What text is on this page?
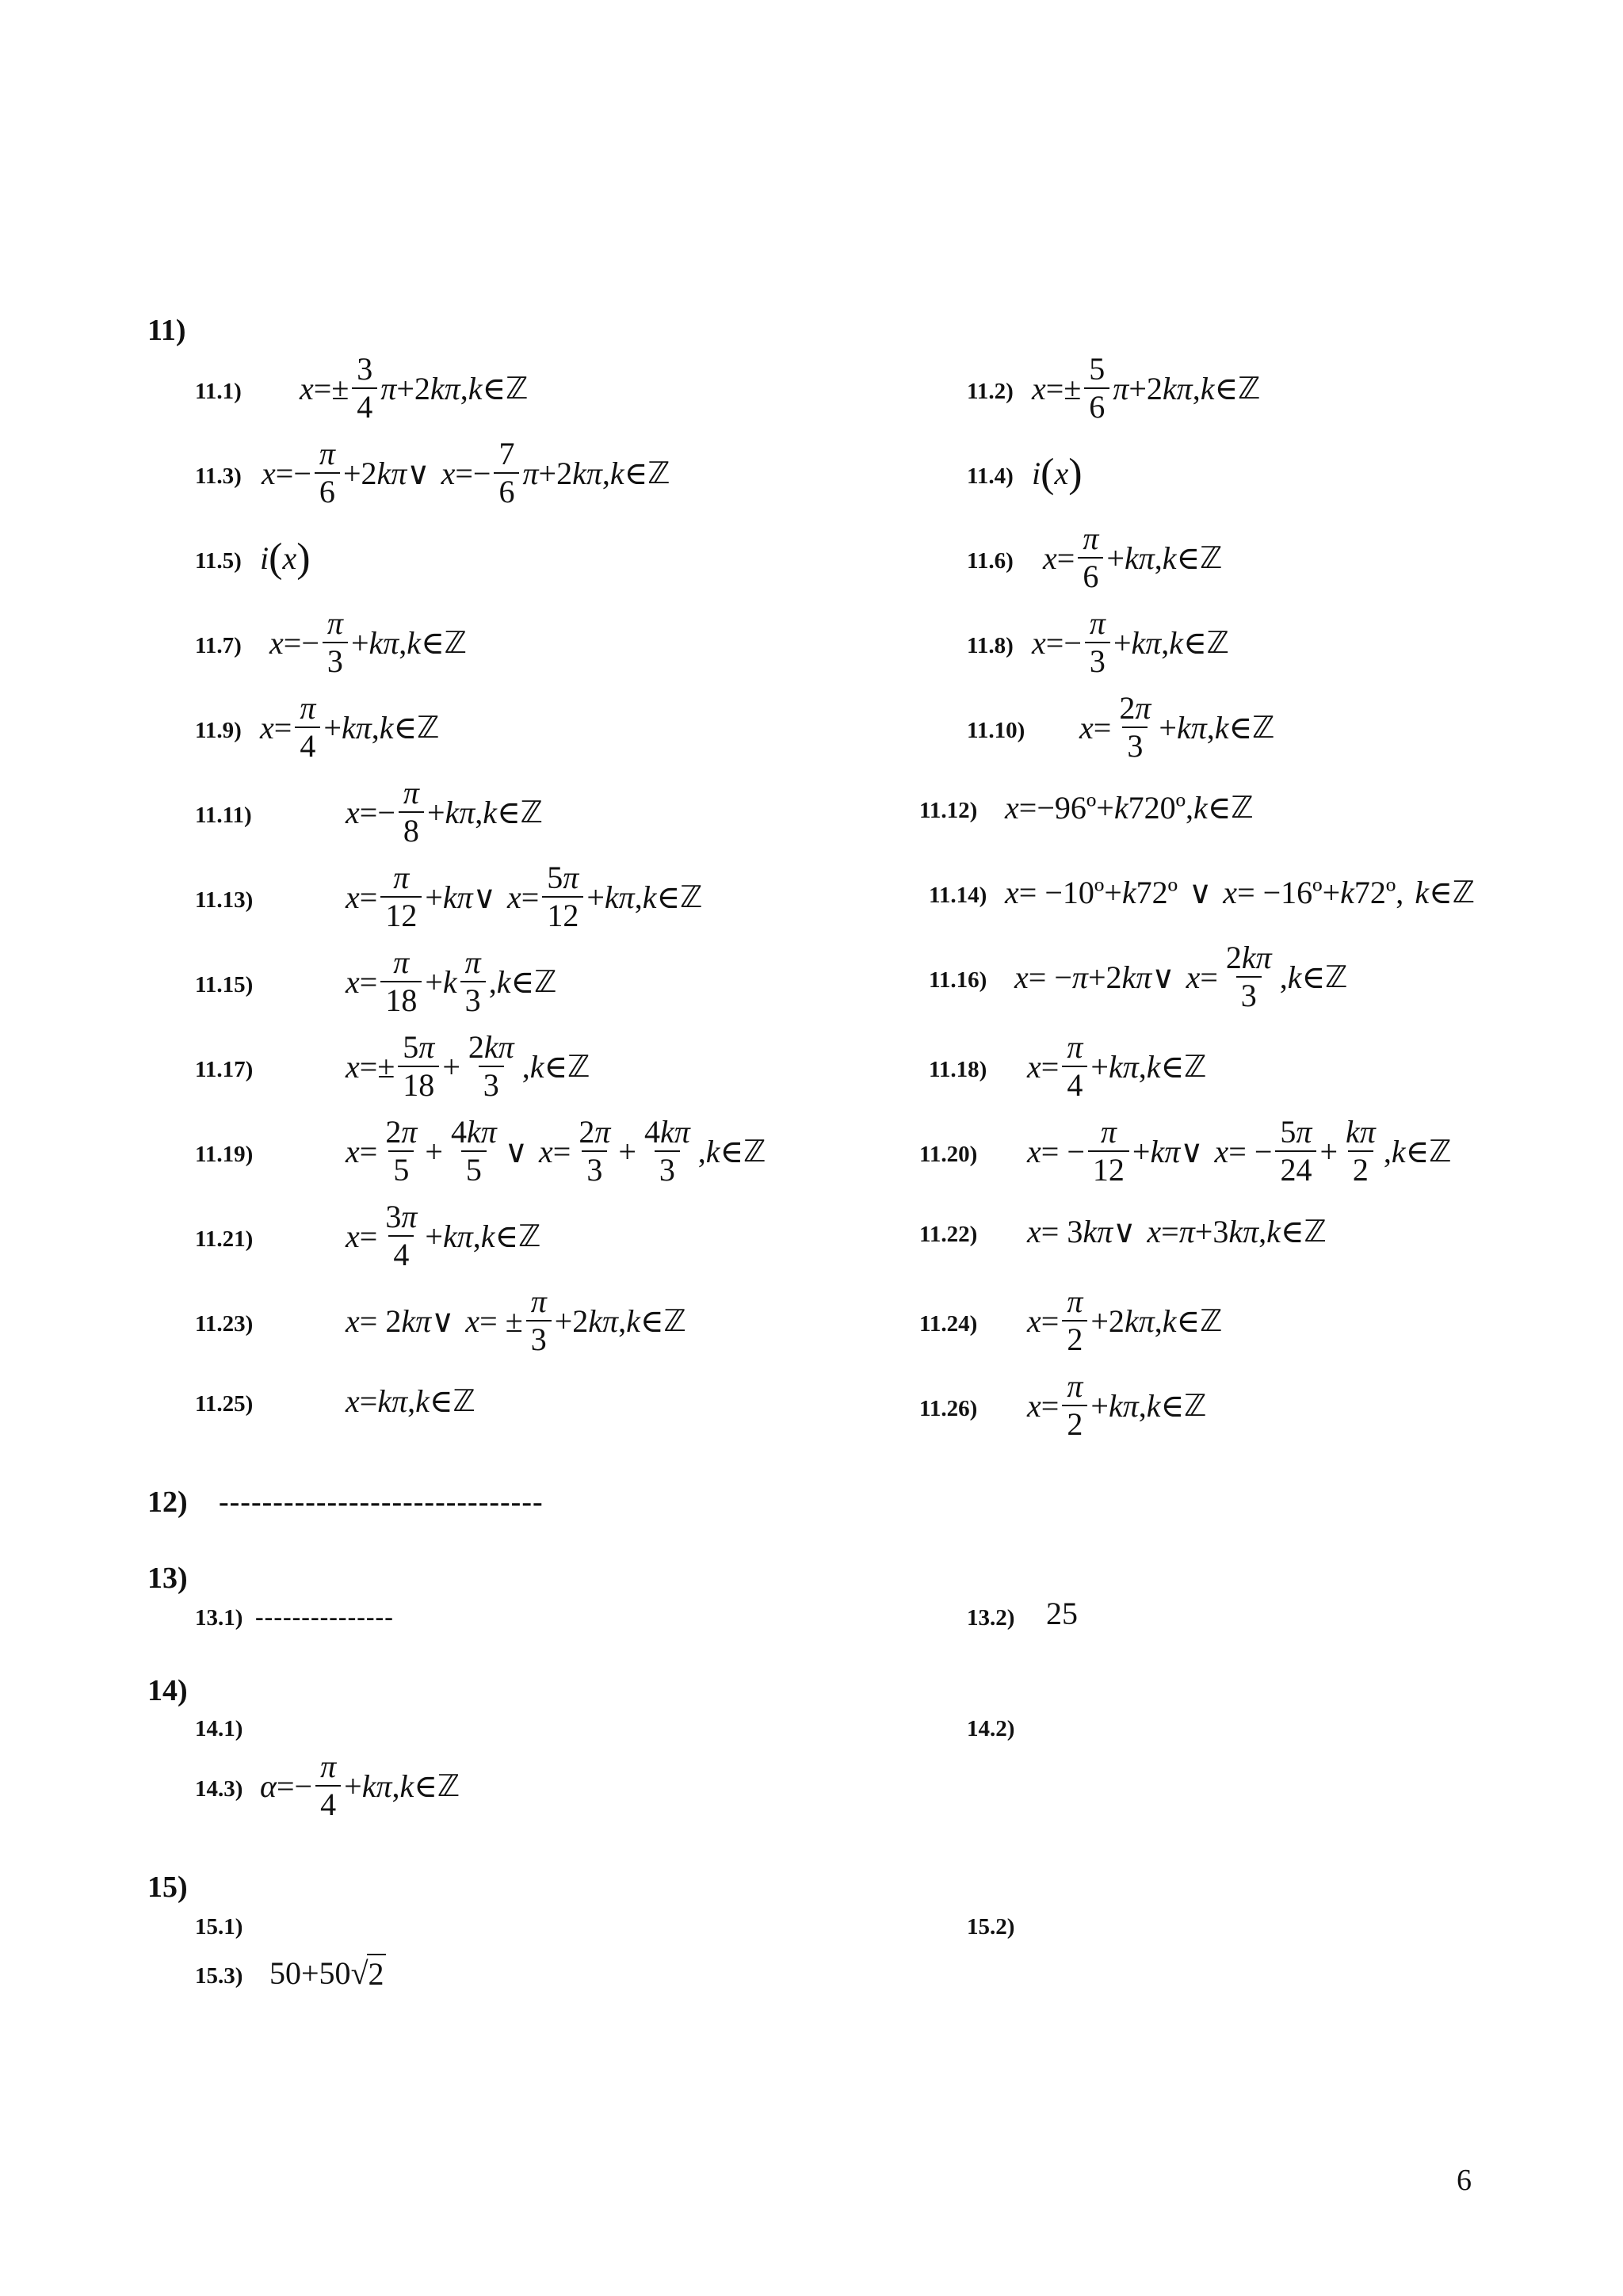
11)
11.1) x =±
3
4
π +2 kπ , k ∈ ℤ	11.2) x =±
5
6
π +2 kπ , k ∈ ℤ
11.3) x =−
π
6
+2 kπ ∨ x =−
7
6
π +2 kπ , k ∈ ℤ	11.4) i ( x )
11.5) i ( x )	11.6) x =
π
6
+ kπ , k ∈ ℤ
11.7) x =−
π
3
+ kπ , k ∈ ℤ	11.8) x =−
π
3
+ kπ , k ∈ ℤ
11.9) x =
π
4
+ kπ , k ∈ ℤ	11.10) x =
2π
3
+ kπ , k ∈ ℤ
11.11)	x =−
π
8
+ kπ , k ∈ ℤ	11.12) x =−96º+ k 720º, k ∈ ℤ
11.13)	x =
π
12
+ kπ ∨ x =
5π
12
+ kπ , k ∈ ℤ	11.14) x = −10º+ k 72º
∨ x = −16º+ k 72º, k ∈ ℤ
11.15)	x =
π
18
+ k
π
3
, k ∈ ℤ	11.16) x = − π +2 kπ ∨ x =
2kπ
3
, k ∈ ℤ
11.17)	x =±
5π
18
+
2kπ
3
, k ∈ ℤ	11.18) x =
π
4
+ kπ , k ∈ ℤ
11.19)	x =
2π
5
+
4kπ
5
∨ x =
2π
3
+
4kπ
3
, k ∈ ℤ	11.20) x = −
π
12
+ kπ ∨ x = −
5π
24
+
kπ
2
, k ∈ ℤ
11.21)	x =
3π
4
+ kπ , k ∈ ℤ	11.22) x = 3 kπ ∨ x = π +3 kπ , k ∈ ℤ
11.23)	x = 2 kπ ∨ x = ±
π
3
+2 kπ , k ∈ ℤ	11.24) x =
π
2
+2 kπ , k ∈ ℤ
11.25)	x = kπ , k ∈ ℤ	11.26) x =
π
2
+ kπ , k ∈ ℤ
12) ------------------------------
13)
13.1) ---------------	13.2) 25
14)
14.1)	14.2)
14.3) α =−
π
4
+ kπ , k ∈ ℤ
15)
15.1)	15.2)
15.3) 50+50 √ 2
6
